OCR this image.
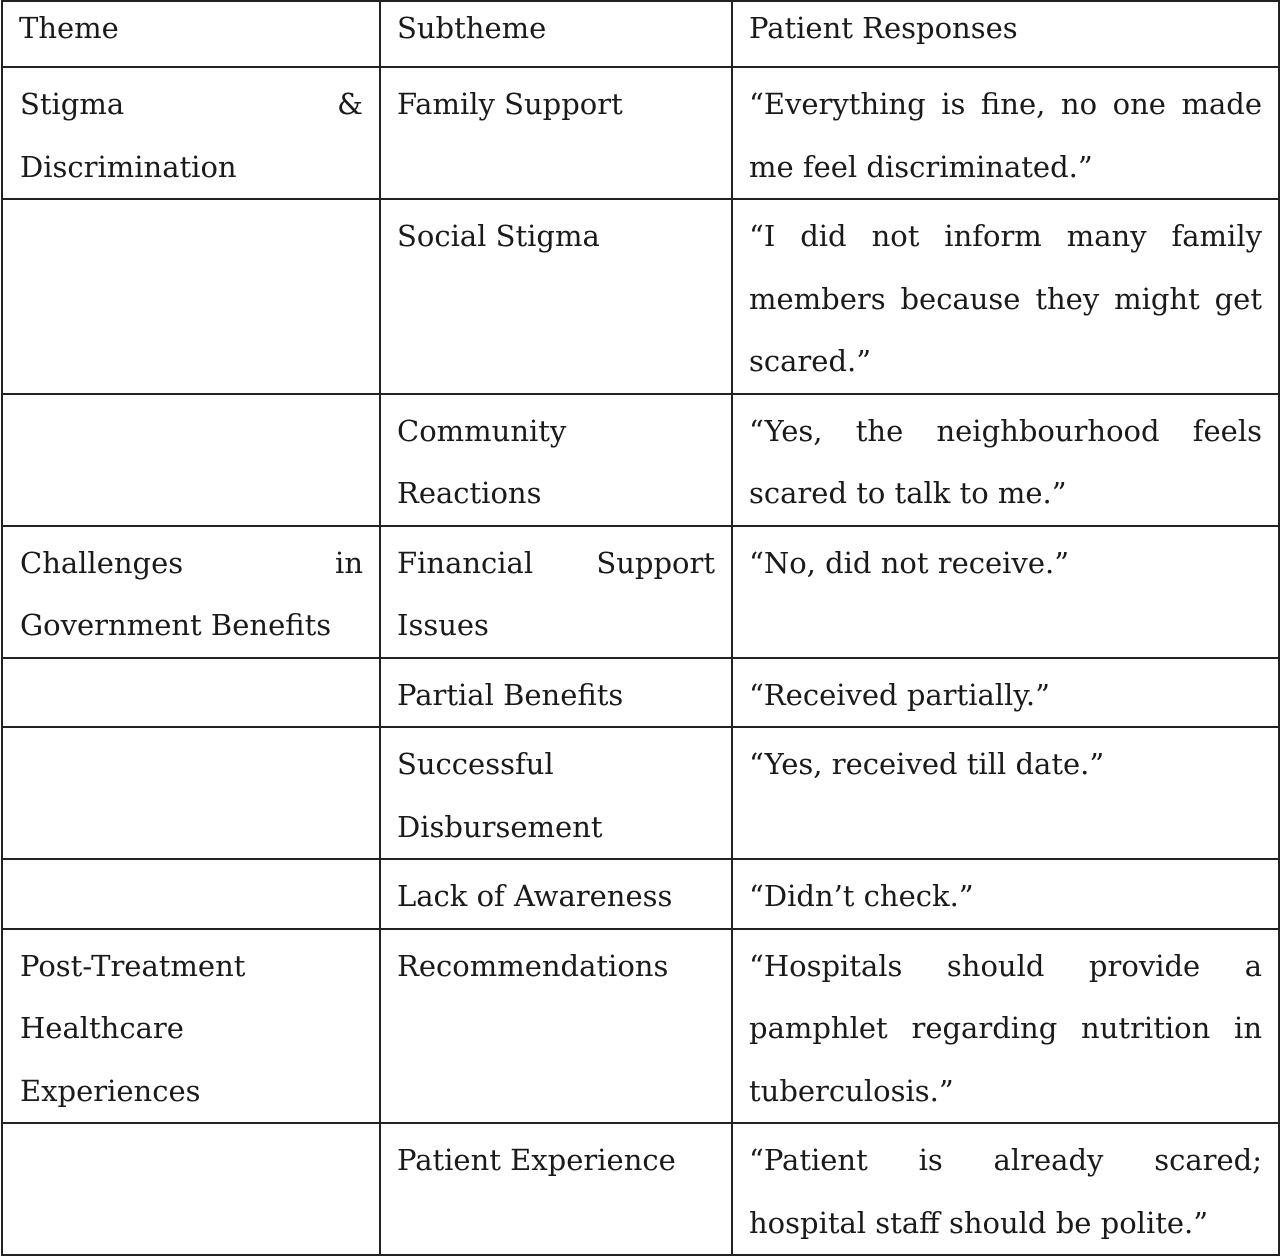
Theme	Subtheme	Patient Responses
Stigma & Discrimination	Family Support	“Everything is fine, no one made me feel discriminated.”
	Social Stigma	“I did not inform many family members because they might get scared.”
	Community Reactions	“Yes, the neighbourhood feels scared to talk to me.”
Challenges in Government Benefits	Financial Support Issues	“No, did not receive.”
	Partial Benefits	“Received partially.”
	Successful Disbursement	“Yes, received till date.”
	Lack of Awareness	“Didn’t check.”
Post-Treatment Healthcare Experiences	Recommendations	“Hospitals should provide a pamphlet regarding nutrition in tuberculosis.”
	Patient Experience	“Patient is already scared; hospital staff should be polite.”
